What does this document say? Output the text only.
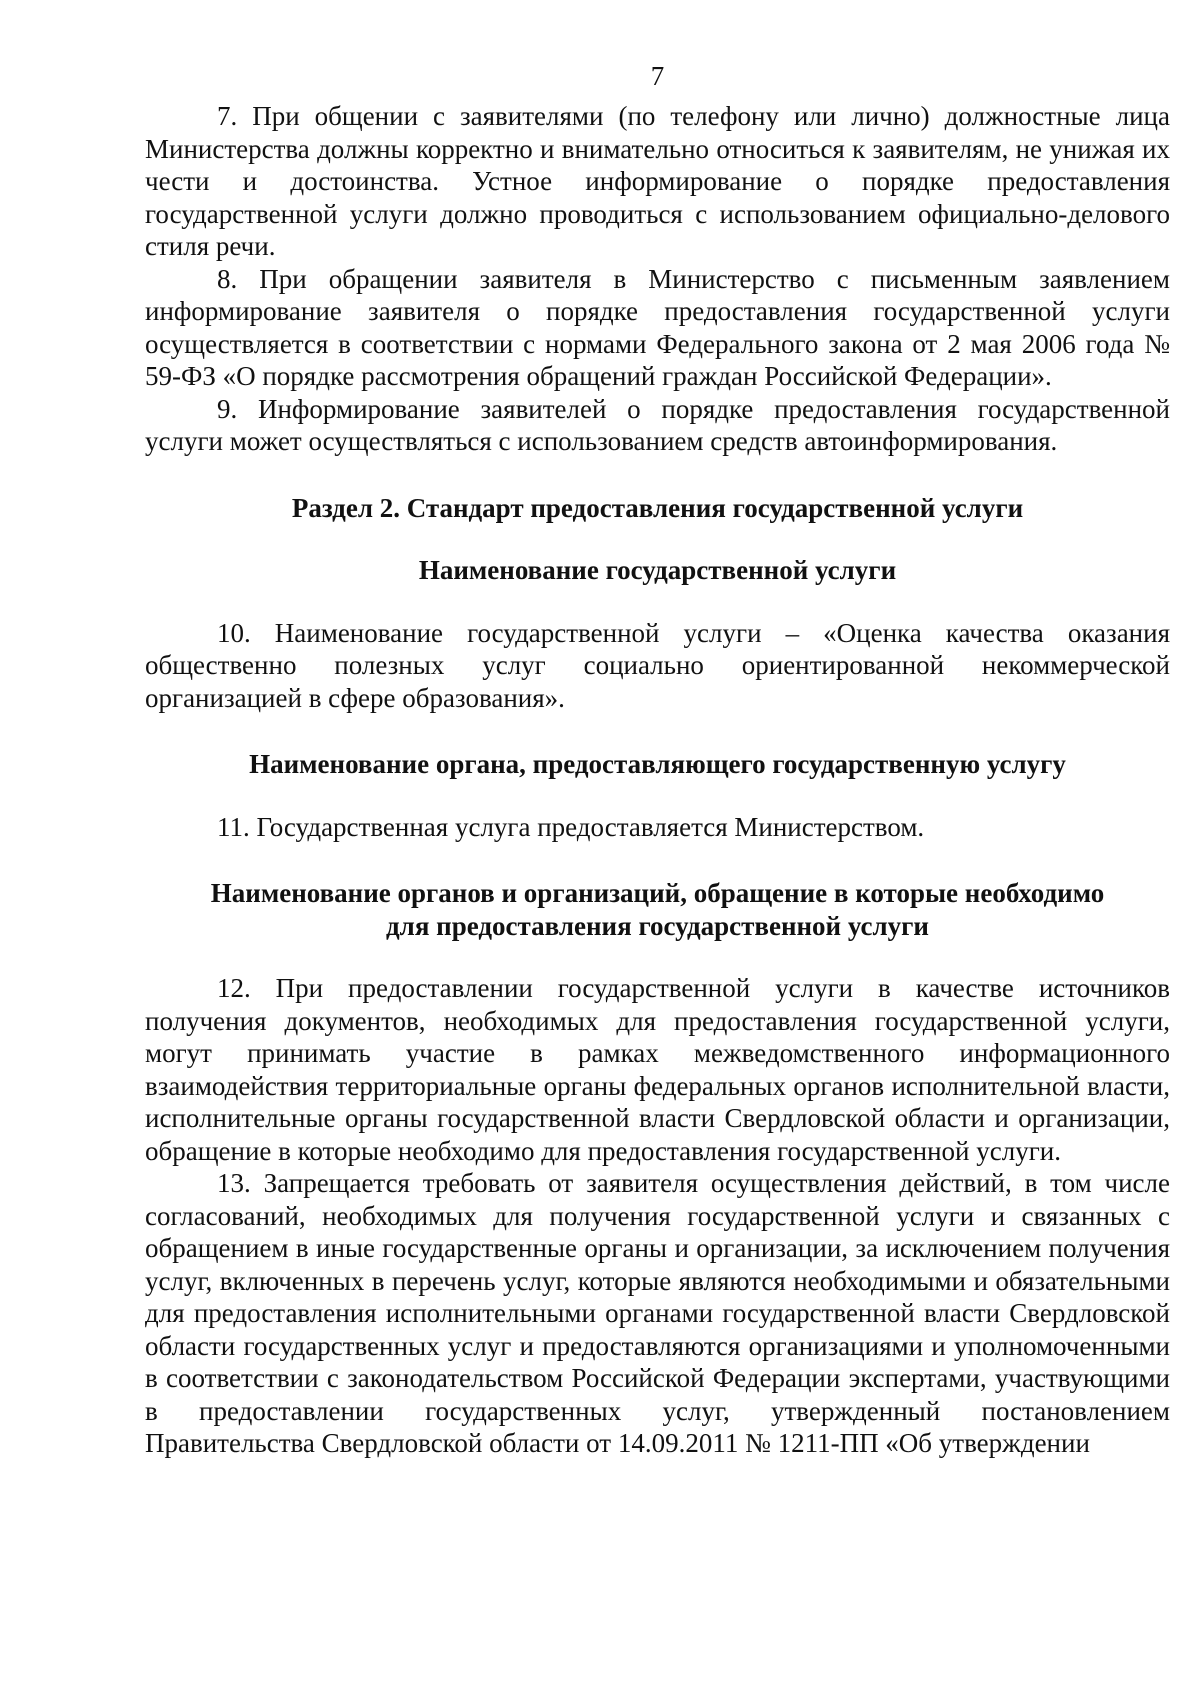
7

7. При общении с заявителями (по телефону или лично) должностные лица Министерства должны корректно и внимательно относиться к заявителям, не унижая их чести и достоинства. Устное информирование о порядке предоставления государственной услуги должно проводиться с использованием официально-делового стиля речи.

8. При обращении заявителя в Министерство с письменным заявлением информирование заявителя о порядке предоставления государственной услуги осуществляется в соответствии с нормами Федерального закона от 2 мая 2006 года № 59-ФЗ «О порядке рассмотрения обращений граждан Российской Федерации».

9. Информирование заявителей о порядке предоставления государственной услуги может осуществляться с использованием средств автоинформирования.

Раздел 2. Стандарт предоставления государственной услуги

Наименование государственной услуги

10. Наименование государственной услуги – «Оценка качества оказания общественно полезных услуг социально ориентированной некоммерческой организацией в сфере образования».

Наименование органа, предоставляющего государственную услугу

11. Государственная услуга предоставляется Министерством.

Наименование органов и организаций, обращение в которые необходимо

для предоставления государственной услуги

12. При предоставлении государственной услуги в качестве источников получения документов, необходимых для предоставления государственной услуги, могут принимать участие в рамках межведомственного информационного взаимодействия территориальные органы федеральных органов исполнительной власти, исполнительные органы государственной власти Свердловской области и организации, обращение в которые необходимо для предоставления государственной услуги.

13. Запрещается требовать от заявителя осуществления действий, в том числе согласований, необходимых для получения государственной услуги и связанных с обращением в иные государственные органы и организации, за исключением получения услуг, включенных в перечень услуг, которые являются необходимыми и обязательными для предоставления исполнительными органами государственной власти Свердловской области государственных услуг и предоставляются организациями и уполномоченными в соответствии с законодательством Российской Федерации экспертами, участвующими в предоставлении государственных услуг, утвержденный постановлением Правительства Свердловской области от 14.09.2011 № 1211-ПП «Об утверждении
